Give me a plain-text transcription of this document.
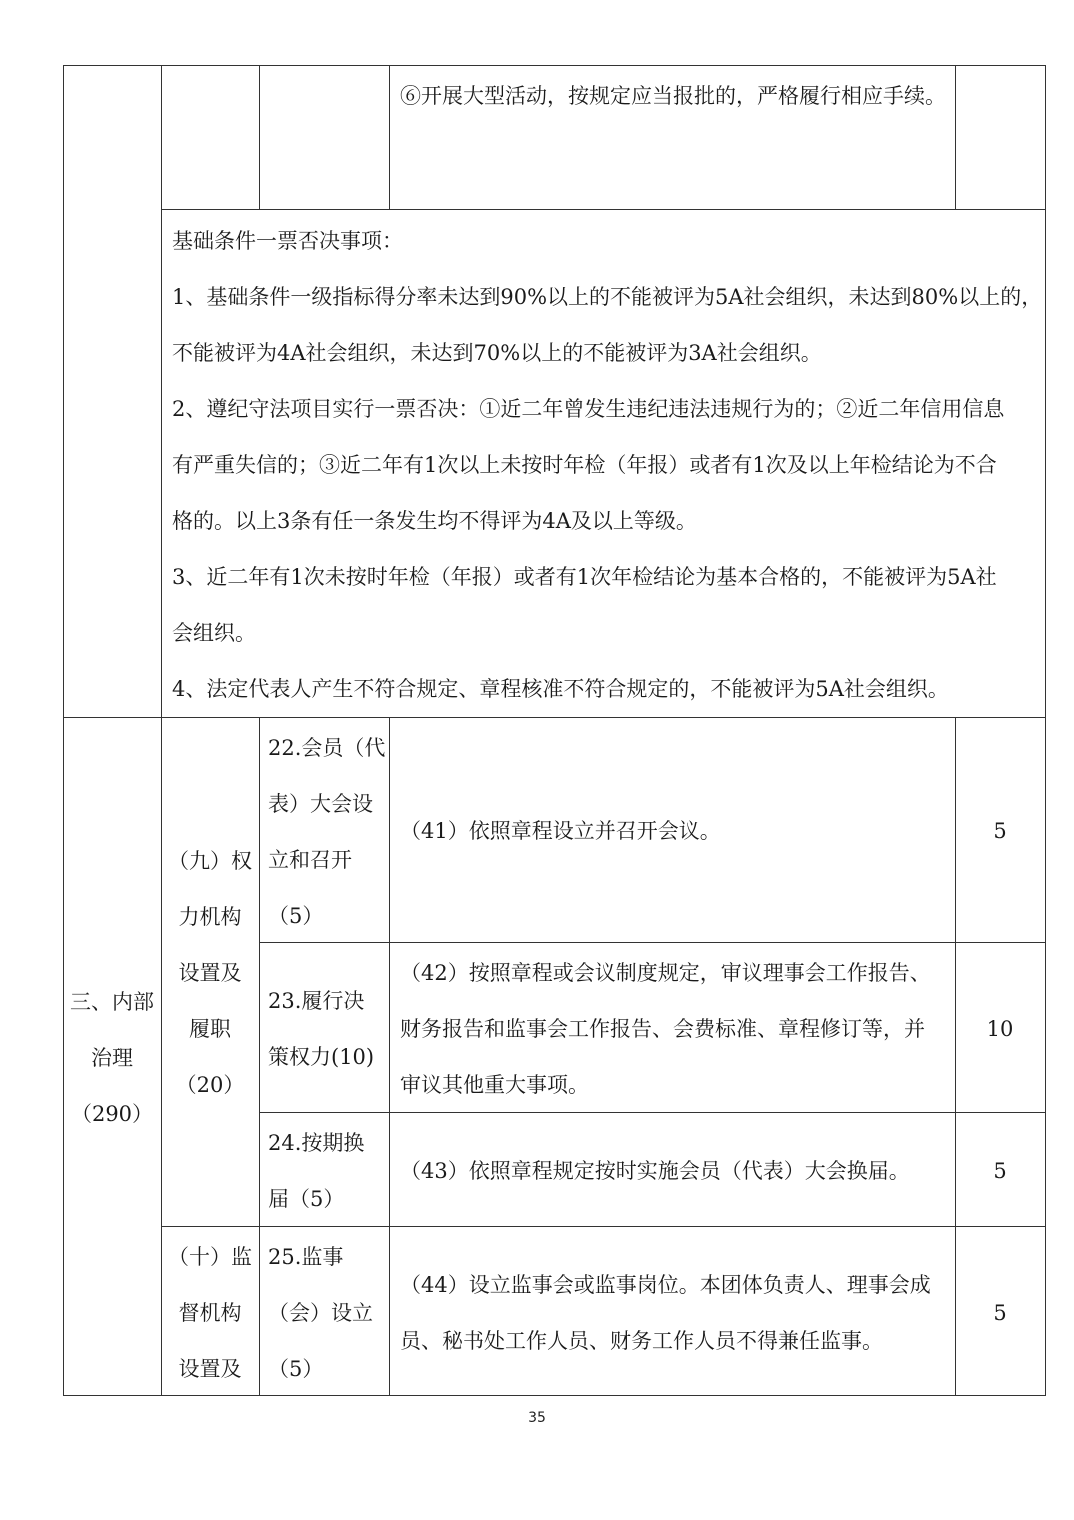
⑥开展大型活动，按规定应当报批的，严格履行相应手续。
基础条件一票否决事项：
1、基础条件一级指标得分率未达到90%以上的不能被评为5A社会组织，未达到80%以上的，
不能被评为4A社会组织，未达到70%以上的不能被评为3A社会组织。
2、遵纪守法项目实行一票否决：①近二年曾发生违纪违法违规行为的；②近二年信用信息
有严重失信的；③近二年有1次以上未按时年检（年报）或者有1次及以上年检结论为不合
格的。以上3条有任一条发生均不得评为4A及以上等级。
3、近二年有1次未按时年检（年报）或者有1次年检结论为基本合格的，不能被评为5A社
会组织。
4、法定代表人产生不符合规定、章程核准不符合规定的，不能被评为5A社会组织。
三、内部
治理
（290）
（九）权
力机构
设置及
履职
（20）
22.会员（代
表）大会设
立和召开
（5）
（41）依照章程设立并召开会议。	5
23.履行决
策权力(10)
（42）按照章程或会议制度规定，审议理事会工作报告、
财务报告和监事会工作报告、会费标准、章程修订等，并
审议其他重大事项。
10
24.按期换
届（5）
（43）依照章程规定按时实施会员（代表）大会换届。	5
（十）监
督机构
设置及
25.监事
（会）设立
（5）
（44）设立监事会或监事岗位。本团体负责人、理事会成
员、秘书处工作人员、财务工作人员不得兼任监事。
5
35
